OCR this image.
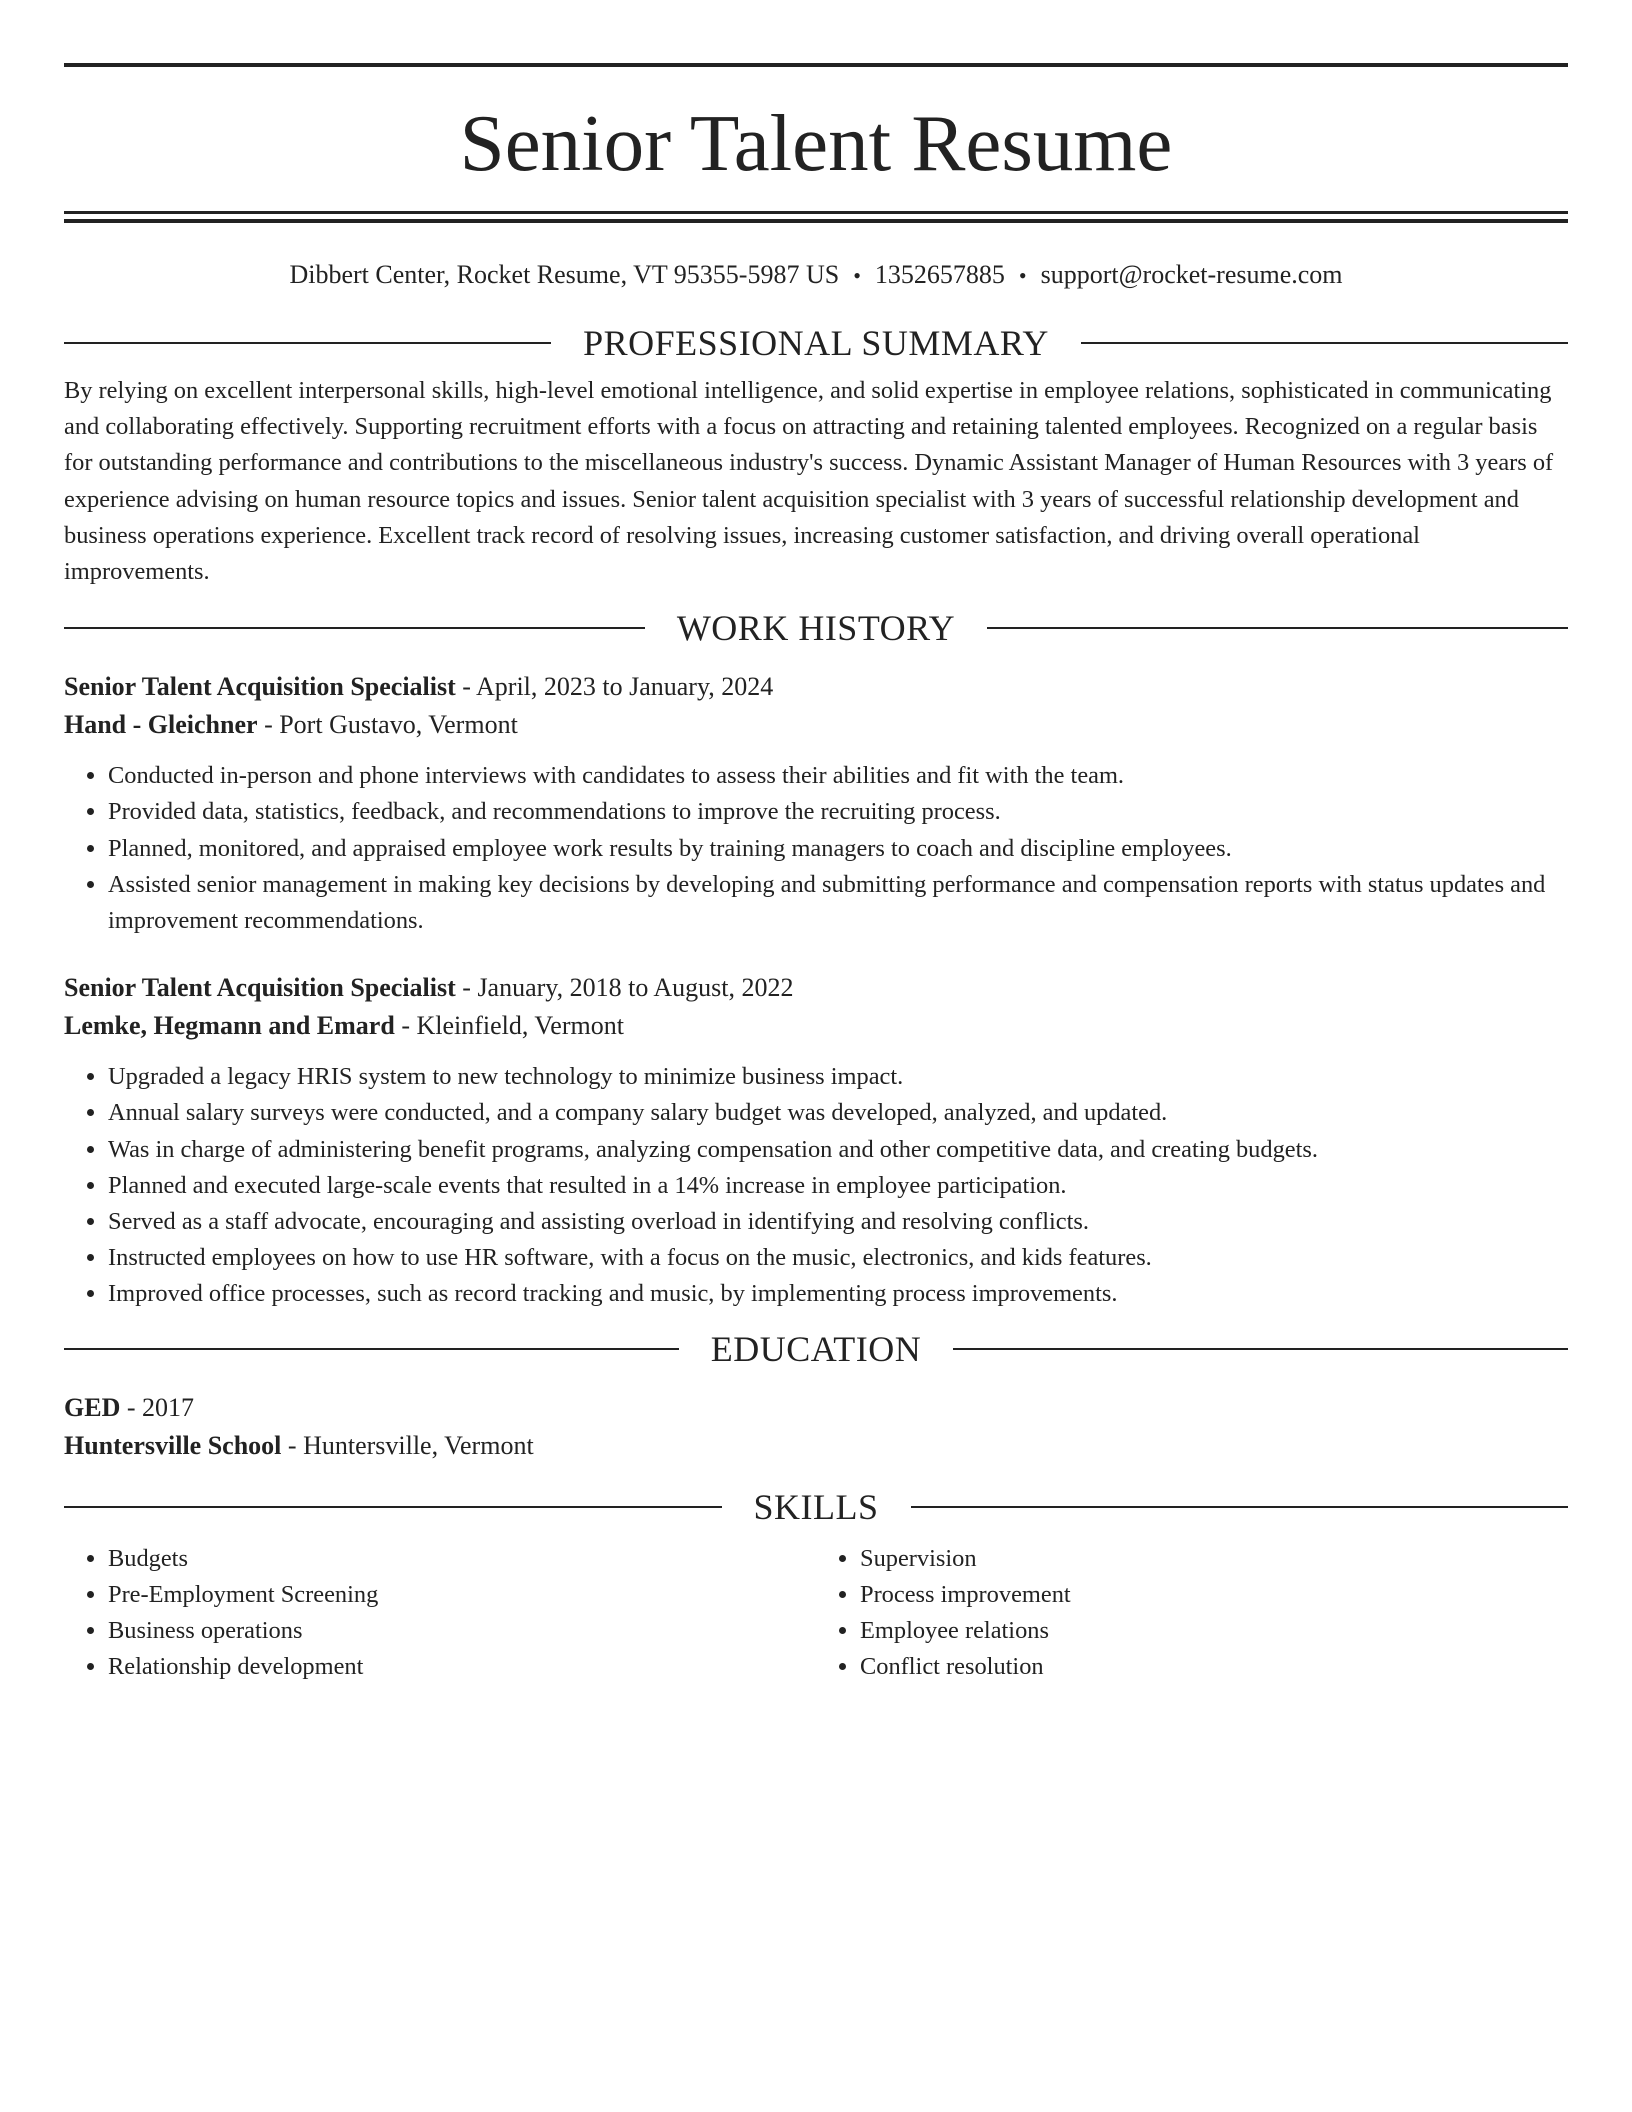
Senior Talent Resume
Dibbert Center, Rocket Resume, VT 95355-5987 US • 1352657885 • support@rocket-resume.com
PROFESSIONAL SUMMARY

By relying on excellent interpersonal skills, high-level emotional intelligence, and solid expertise in employee relations, sophisticated in communicating and collaborating effectively. Supporting recruitment efforts with a focus on attracting and retaining talented employees. Recognized on a regular basis for outstanding performance and contributions to the miscellaneous industry's success. Dynamic Assistant Manager of Human Resources with 3 years of experience advising on human resource topics and issues. Senior talent acquisition specialist with 3 years of successful relationship development and business operations experience. Excellent track record of resolving issues, increasing customer satisfaction, and driving overall operational improvements.

WORK HISTORY
Senior Talent Acquisition Specialist - April, 2023 to January, 2024
Hand - Gleichner - Port Gustavo, Vermont
• Conducted in-person and phone interviews with candidates to assess their abilities and fit with the team.
• Provided data, statistics, feedback, and recommendations to improve the recruiting process.
• Planned, monitored, and appraised employee work results by training managers to coach and discipline employees.
• Assisted senior management in making key decisions by developing and submitting performance and compensation reports with status updates and improvement recommendations.
Senior Talent Acquisition Specialist - January, 2018 to August, 2022
Lemke, Hegmann and Emard - Kleinfield, Vermont
• Upgraded a legacy HRIS system to new technology to minimize business impact.
• Annual salary surveys were conducted, and a company salary budget was developed, analyzed, and updated.
• Was in charge of administering benefit programs, analyzing compensation and other competitive data, and creating budgets.
• Planned and executed large-scale events that resulted in a 14% increase in employee participation.
• Served as a staff advocate, encouraging and assisting overload in identifying and resolving conflicts.
• Instructed employees on how to use HR software, with a focus on the music, electronics, and kids features.
• Improved office processes, such as record tracking and music, by implementing process improvements.
EDUCATION
GED - 2017
Huntersville School - Huntersville, Vermont
SKILLS
• Budgets
• Pre-Employment Screening
• Business operations
• Relationship development
• Supervision
• Process improvement
• Employee relations
• Conflict resolution
